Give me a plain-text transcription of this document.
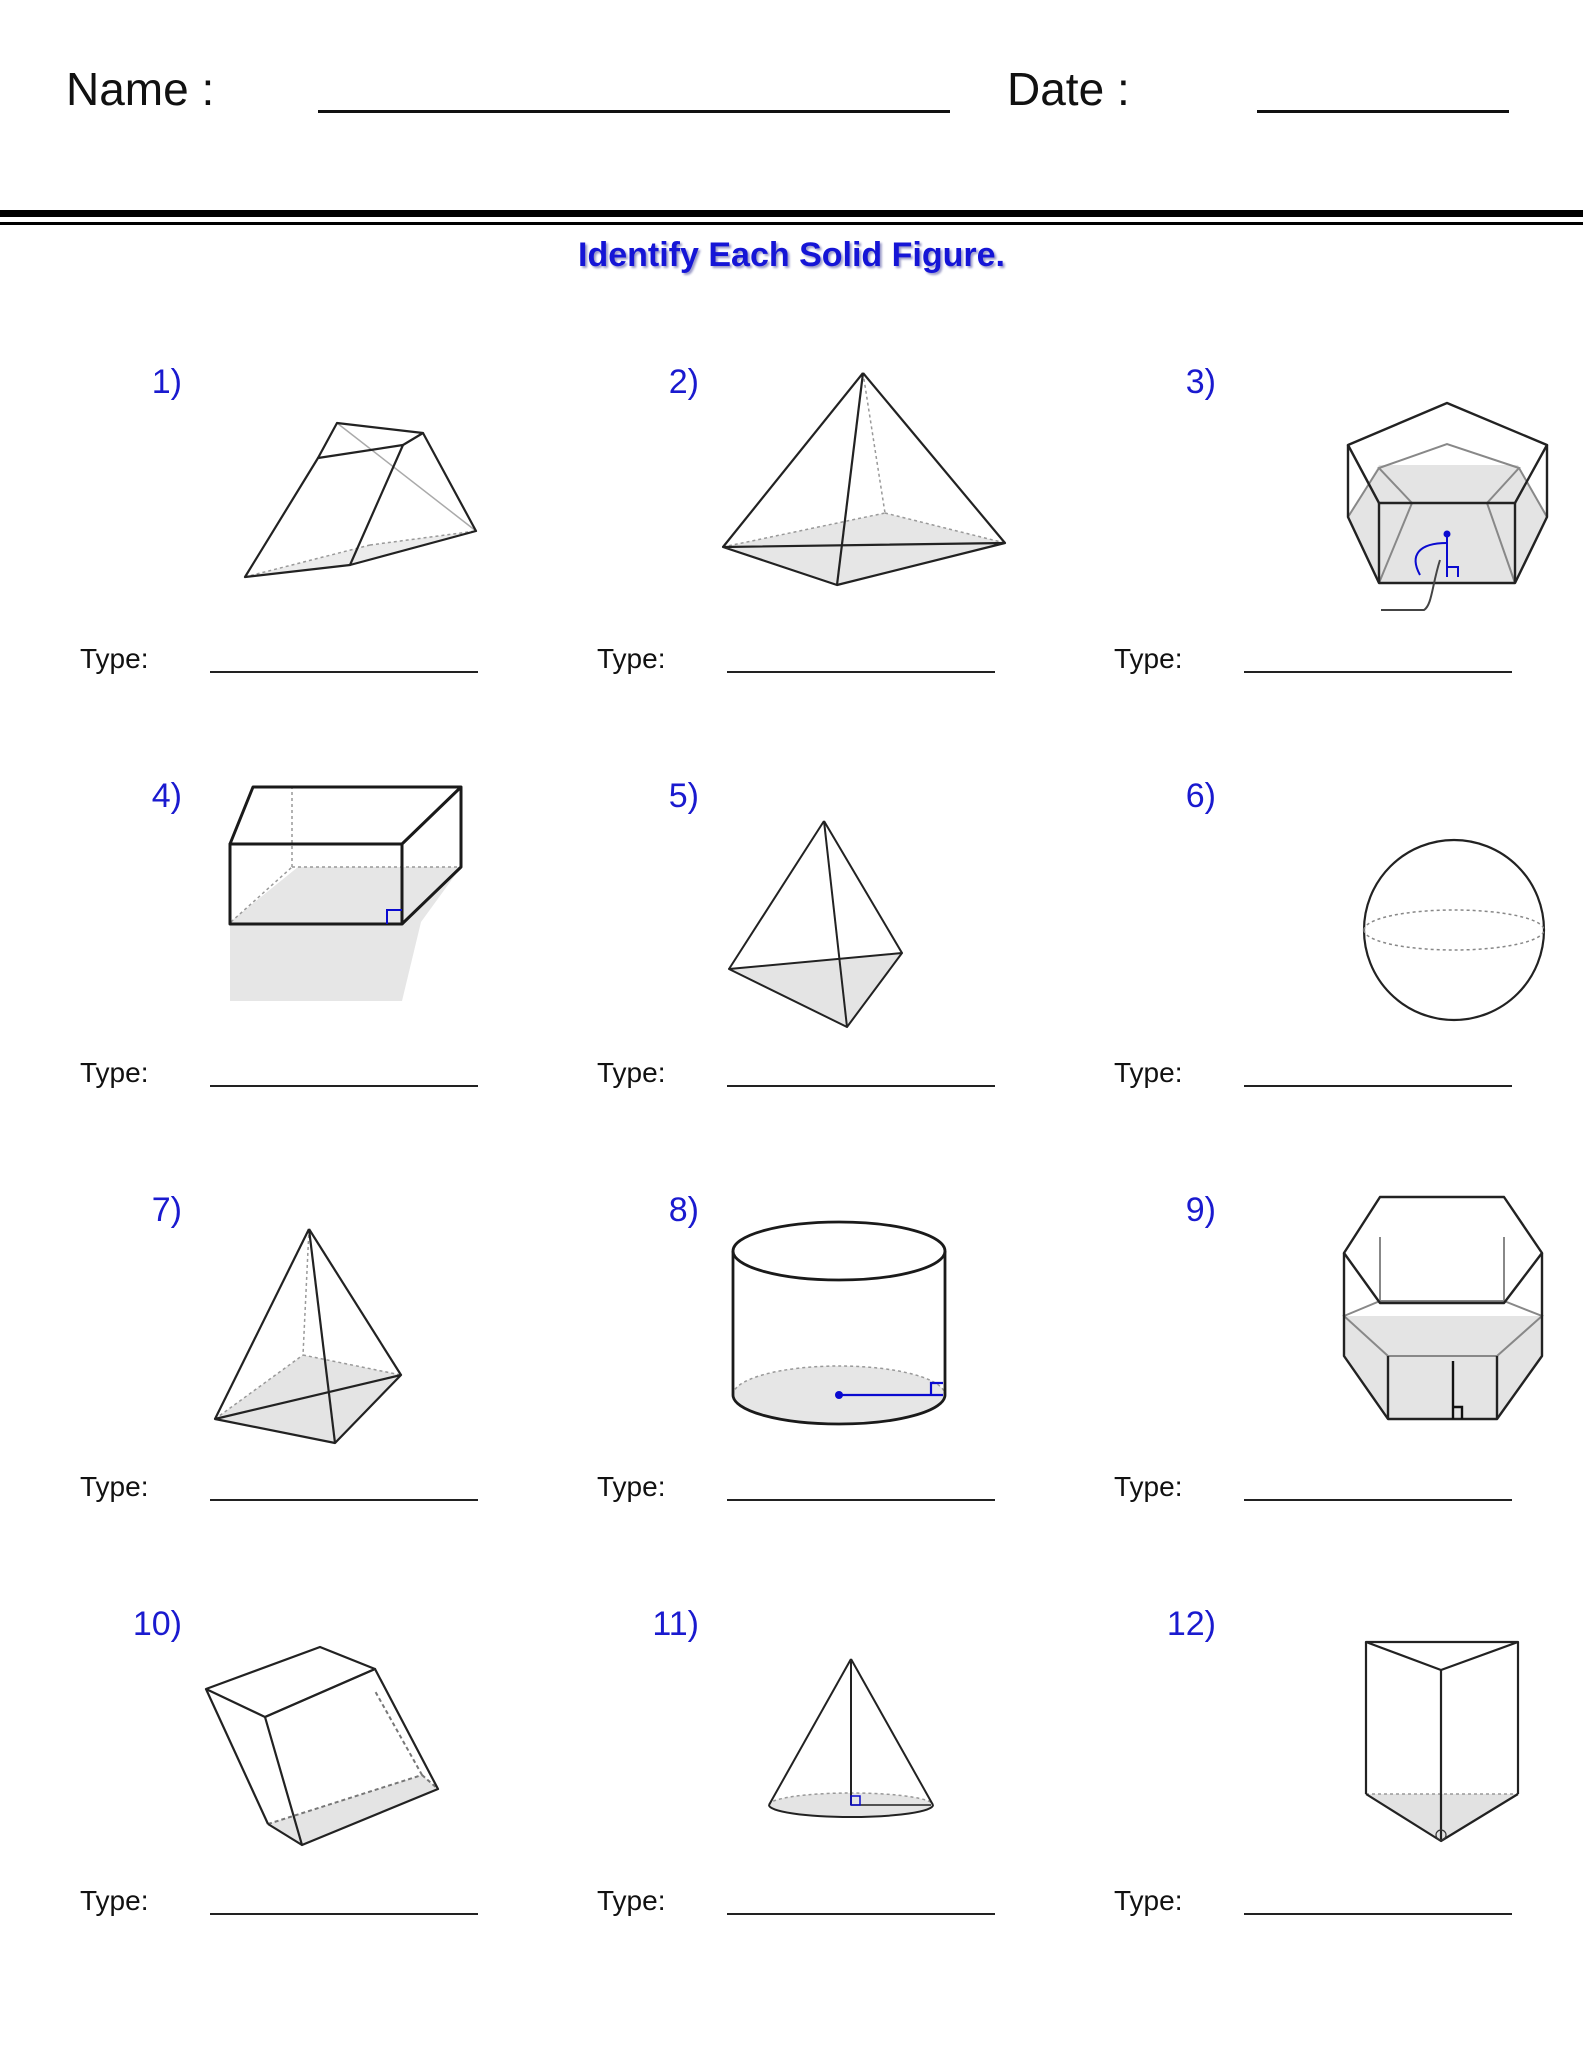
Name :	Date :
Identify Each Solid Figure.
1)
Type:
2)
Type:
3)
Type:
4)
Type:
5)
Type:
6)
Type:
7)
Type:
8)
Type:
9)
Type:
10)
Type:
11)
Type:
12)
Type:
